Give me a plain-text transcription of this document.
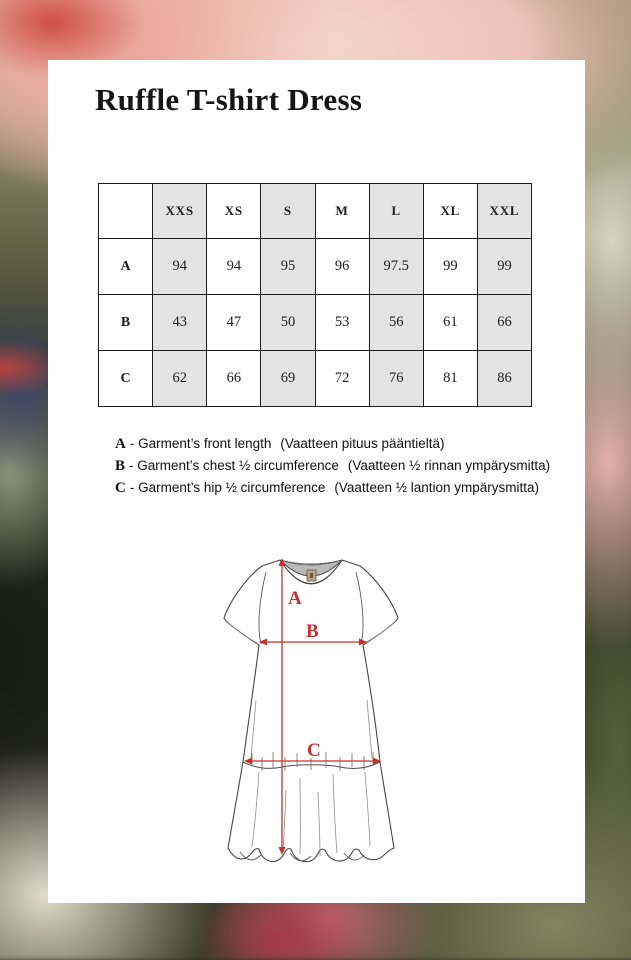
Ruffle T-shirt Dress
	XXS	XS	S	M	L	XL	XXL
A	94	94	95	96	97.5	99	99
B	43	47	50	53	56	61	66
C	62	66	69	72	76	81	86
A - Garment’s front length (Vaatteen pituus pääntieltä)
B - Garment’s chest ½ circumference (Vaatteen ½ rinnan ympärysmitta)
C - Garment’s hip ½ circumference (Vaatteen ½ lantion ympärysmitta)
A
B
C
